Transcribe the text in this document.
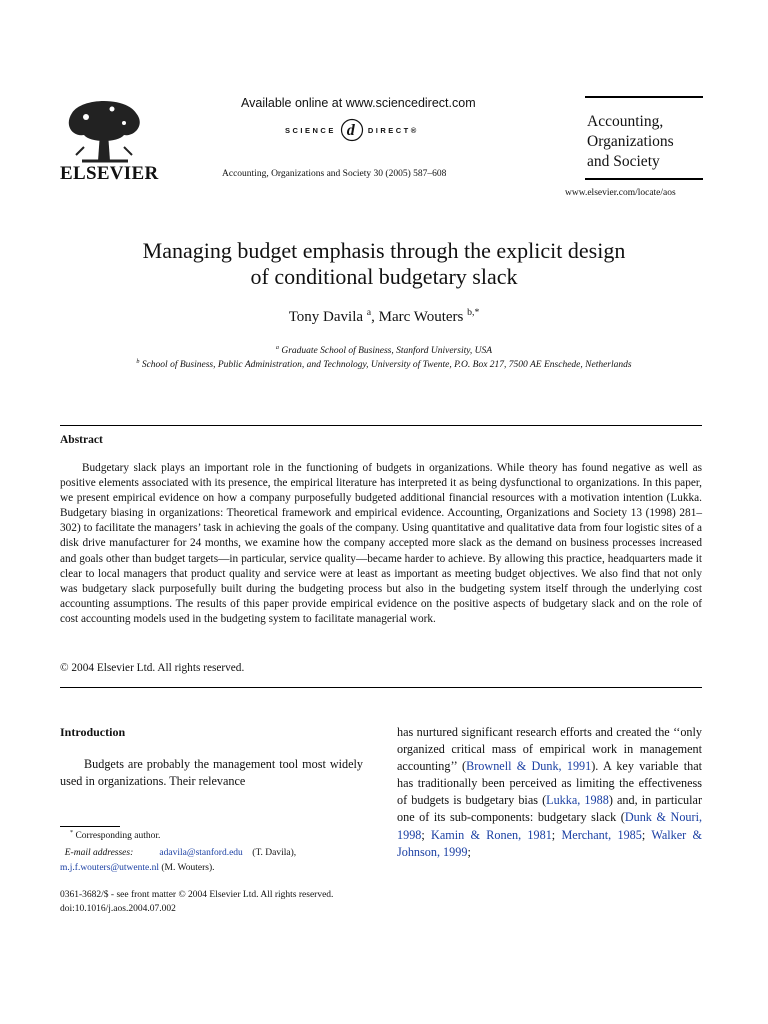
ELSEVIER
Available online at www.sciencedirect.com
SCIENCE d DIRECT ®
Accounting, Organizations and Society 30 (2005) 587–608
Accounting,
Organizations
and Society
www.elsevier.com/locate/aos
Managing budget emphasis through the explicit design
of conditional budgetary slack
Tony Davila $^a$, Marc Wouters $^{b,*}$
$^a$ Graduate School of Business, Stanford University, USA
$^b$ School of Business, Public Administration, and Technology, University of Twente, P.O. Box 217, 7500 AE Enschede, Netherlands
Abstract
Budgetary slack plays an important role in the functioning of budgets in organizations. While theory has found negative as well as positive elements associated with its presence, the empirical literature has interpreted it as being dysfunctional to organizations. In this paper, we present empirical evidence on how a company purposefully budgeted additional financial resources with a motivation intention (Lukka. Budgetary biasing in organizations: Theoretical framework and empirical evidence. Accounting, Organizations and Society 13 (1998) 281–302) to facilitate the managers’ task in achieving the goals of the company. Using quantitative and qualitative data from four logistic sites of a disk drive manufacturer for 24 months, we examine how the company accepted more slack as the demand on business processes increased and goals other than budget targets—in particular, service quality—became harder to achieve. By allowing this practice, headquarters made it clear to local managers that product quality and service were at least as important as meeting budget objectives. We also find that not only was budgetary slack purposefully built during the budgeting process but also in the budgeting system itself through the underlying cost accounting assumptions. The results of this paper provide empirical evidence on the positive aspects of budgetary slack and on the role of cost accounting models used in the budgeting system to facilitate managerial work.
© 2004 Elsevier Ltd. All rights reserved.
Introduction
Budgets are probably the management tool most widely used in organizations. Their relevance
* Corresponding author.
E-mail addresses:	adavila@stanford.edu (T. Davila),
m.j.f.wouters@utwente.nl (M. Wouters).
0361-3682/$ - see front matter © 2004 Elsevier Ltd. All rights reserved.
doi:10.1016/j.aos.2004.07.002
has nurtured significant research efforts and created the ‘‘only organized critical mass of empirical work in management accounting’’ (Brownell & Dunk, 1991). A key variable that has traditionally been perceived as limiting the effectiveness of budgets is budgetary bias (Lukka, 1988) and, in particular one of its sub-components: budgetary slack (Dunk & Nouri, 1998; Kamin & Ronen, 1981; Merchant, 1985; Walker & Johnson, 1999;
